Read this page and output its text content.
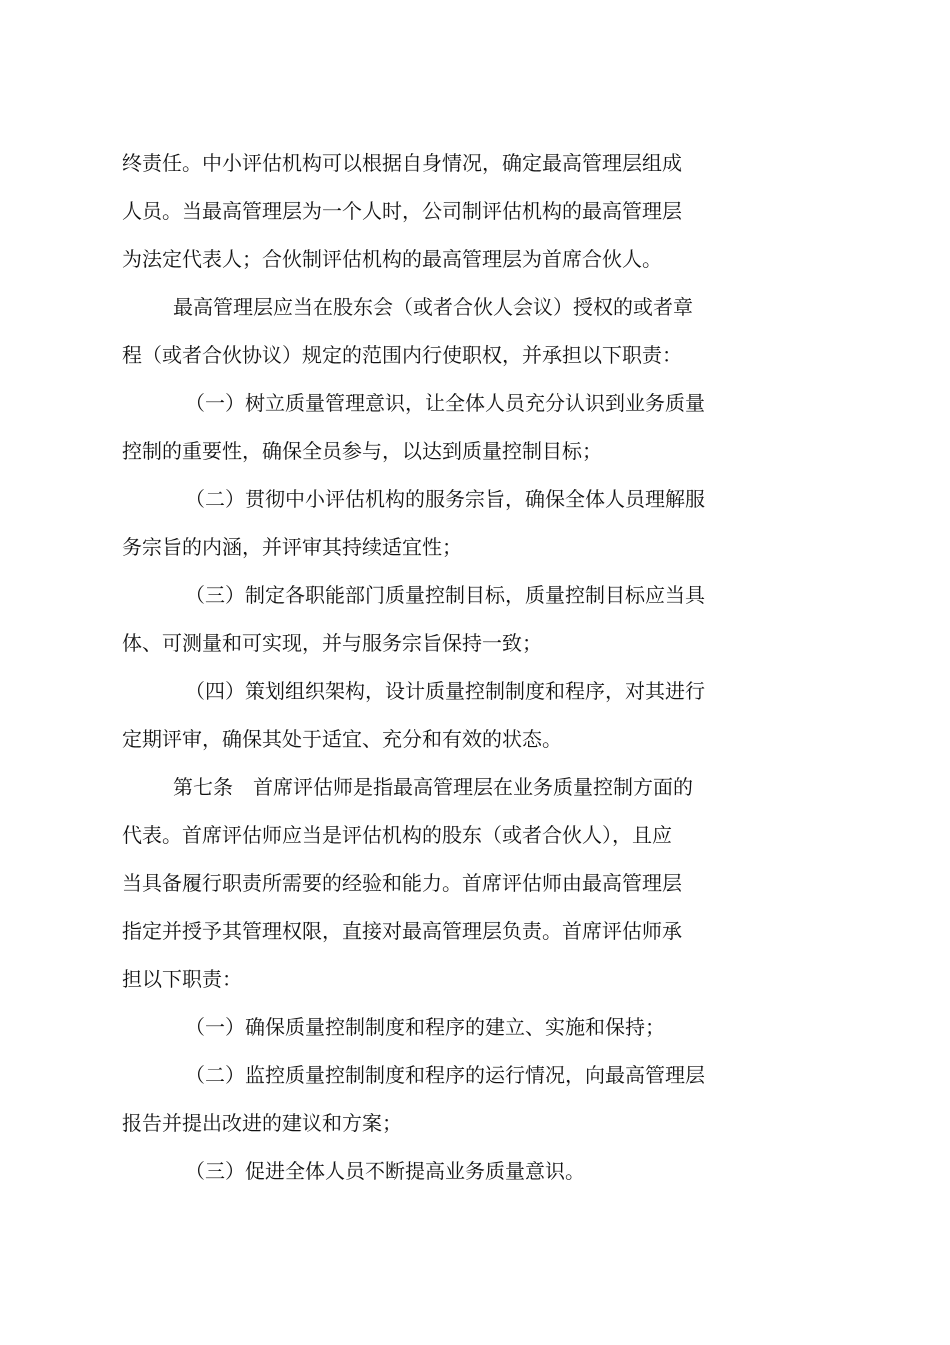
终责任。中小评估机构可以根据自身情况，确定最高管理层组成
人员。当最高管理层为一个人时，公司制评估机构的最高管理层
为法定代表人；合伙制评估机构的最高管理层为首席合伙人。
最高管理层应当在股东会（或者合伙人会议）授权的或者章
程（或者合伙协议）规定的范围内行使职权，并承担以下职责：
（一）树立质量管理意识，让全体人员充分认识到业务质量
控制的重要性，确保全员参与，以达到质量控制目标；
（二）贯彻中小评估机构的服务宗旨，确保全体人员理解服
务宗旨的内涵，并评审其持续适宜性；
（三）制定各职能部门质量控制目标，质量控制目标应当具
体、可测量和可实现，并与服务宗旨保持一致；
（四）策划组织架构，设计质量控制制度和程序，对其进行
定期评审，确保其处于适宜、充分和有效的状态。
第七条　首席评估师是指最高管理层在业务质量控制方面的
代表。首席评估师应当是评估机构的股东（或者合伙人），且应
当具备履行职责所需要的经验和能力。首席评估师由最高管理层
指定并授予其管理权限，直接对最高管理层负责。首席评估师承
担以下职责：
（一）确保质量控制制度和程序的建立、实施和保持；
（二）监控质量控制制度和程序的运行情况，向最高管理层
报告并提出改进的建议和方案；
（三）促进全体人员不断提高业务质量意识。
